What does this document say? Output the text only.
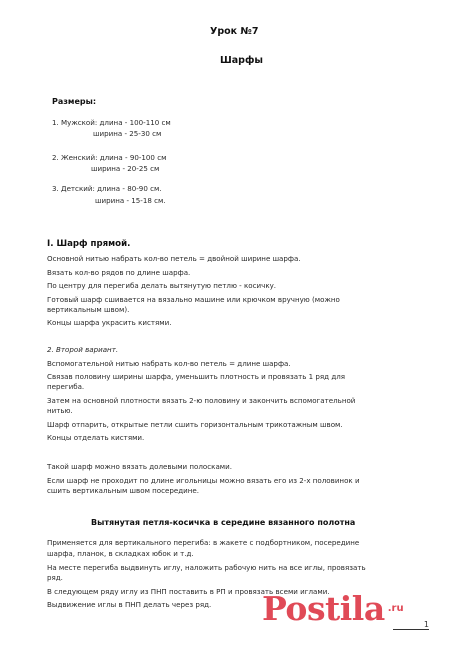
Урок №7
Шарфы
Размеры:
1. Мужской: длина - 100-110 см
ширина - 25-30 см
2. Женский: длина - 90-100 см
ширина - 20-25 см
3. Детский: длина - 80-90 см.
ширина - 15-18 см.
I. Шарф прямой.
Основной нитью набрать кол-во петель = двойной ширине шарфа.
Вязать кол-во рядов по длине шарфа.
По центру для перегиба делать вытянутую петлю - косичку.
Готовый шарф сшивается на вязально машине или крючком вручную (можно
вертикальным швом).
Концы шарфа украсить кистями.
2. Второй вариант.
Вспомогательной нитью набрать кол-во петель = длине шарфа.
Связав половину ширины шарфа, уменьшить плотность и провязать 1 ряд для
перегиба.
Затем на основной плотности вязать 2-ю половину и закончить вспомогательной
нитью.
Шарф отпарить, открытые петли сшить горизонтальным трикотажным швом.
Концы отделать кистями.
Такой шарф можно вязать долевыми полосками.
Если шарф не проходит по длине игольницы можно вязать его из 2-х половинок и
сшить вертикальным швом посередине.
Вытянутая петля-косичка в середине вязанного полотна
Применяется для вертикального перегиба: в жакете с подбортником, посередине
шарфа, планок, в складках юбок и т.д.
На месте перегиба выдвинуть иглу, наложить рабочую нить на все иглы, провязать
ряд.
В следующем ряду иглу из ПНП поставить в РП и провязать всеми иглами.
Выдвижение иглы в ПНП делать через ряд. Postila .ru
1
